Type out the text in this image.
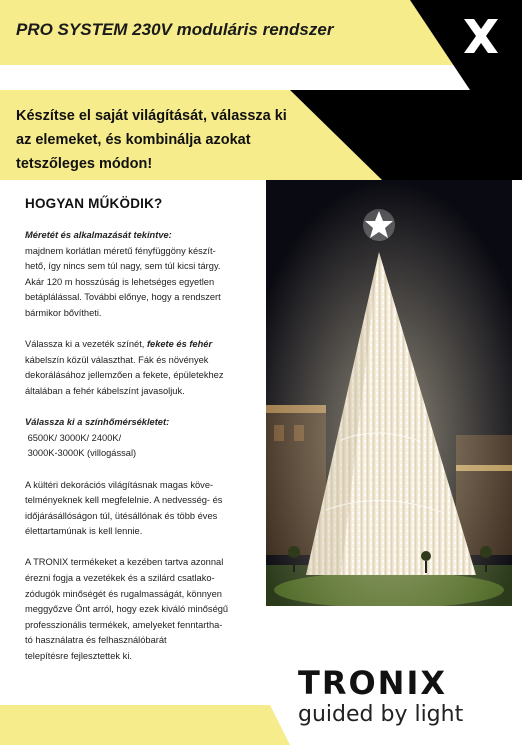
PRO SYSTEM 230V moduláris rendszer
Készítse el saját világítását, válassza ki
az elemeket, és kombinálja azokat
tetszőleges módon!
HOGYAN MŰKÖDIK?

Méretét és alkalmazását tekintve:

majdnem korlátlan méretű fényfüggöny készít-

hető, így nincs sem túl nagy, sem túl kicsi tárgy.

Akár 120 m hosszúság is lehetséges egyetlen

betáplálással. További előnye, hogy a rendszert

bármikor bővítheti.

Válassza ki a vezeték színét, fekete és fehér

kábelszín közül választhat. Fák és növények

dekorálásához jellemzően a fekete, épületekhez

általában a fehér kábelszínt javasoljuk.

Válassza ki a színhőmérsékletet:

6500K/ 3000K/ 2400K/

3000K-3000K (villogással)

A kültéri dekorációs világításnak magas köve-

telményeknek kell megfelelnie. A nedvesség- és

időjárásállóságon túl, ütésállónak és több éves

élettartamúnak is kell lennie.

A TRONIX termékeket a kezében tartva azonnal

érezni fogja a vezetékek és a szilárd csatlako-

zódugók minőségét és rugalmasságát, könnyen

meggyőzve Önt arról, hogy ezek kiváló minőségű

professzionális termékek, amelyeket fenntartha-

tó használatra és felhasználóbarát

telepítésre fejlesztettek ki.

TRONIX
guided by light
